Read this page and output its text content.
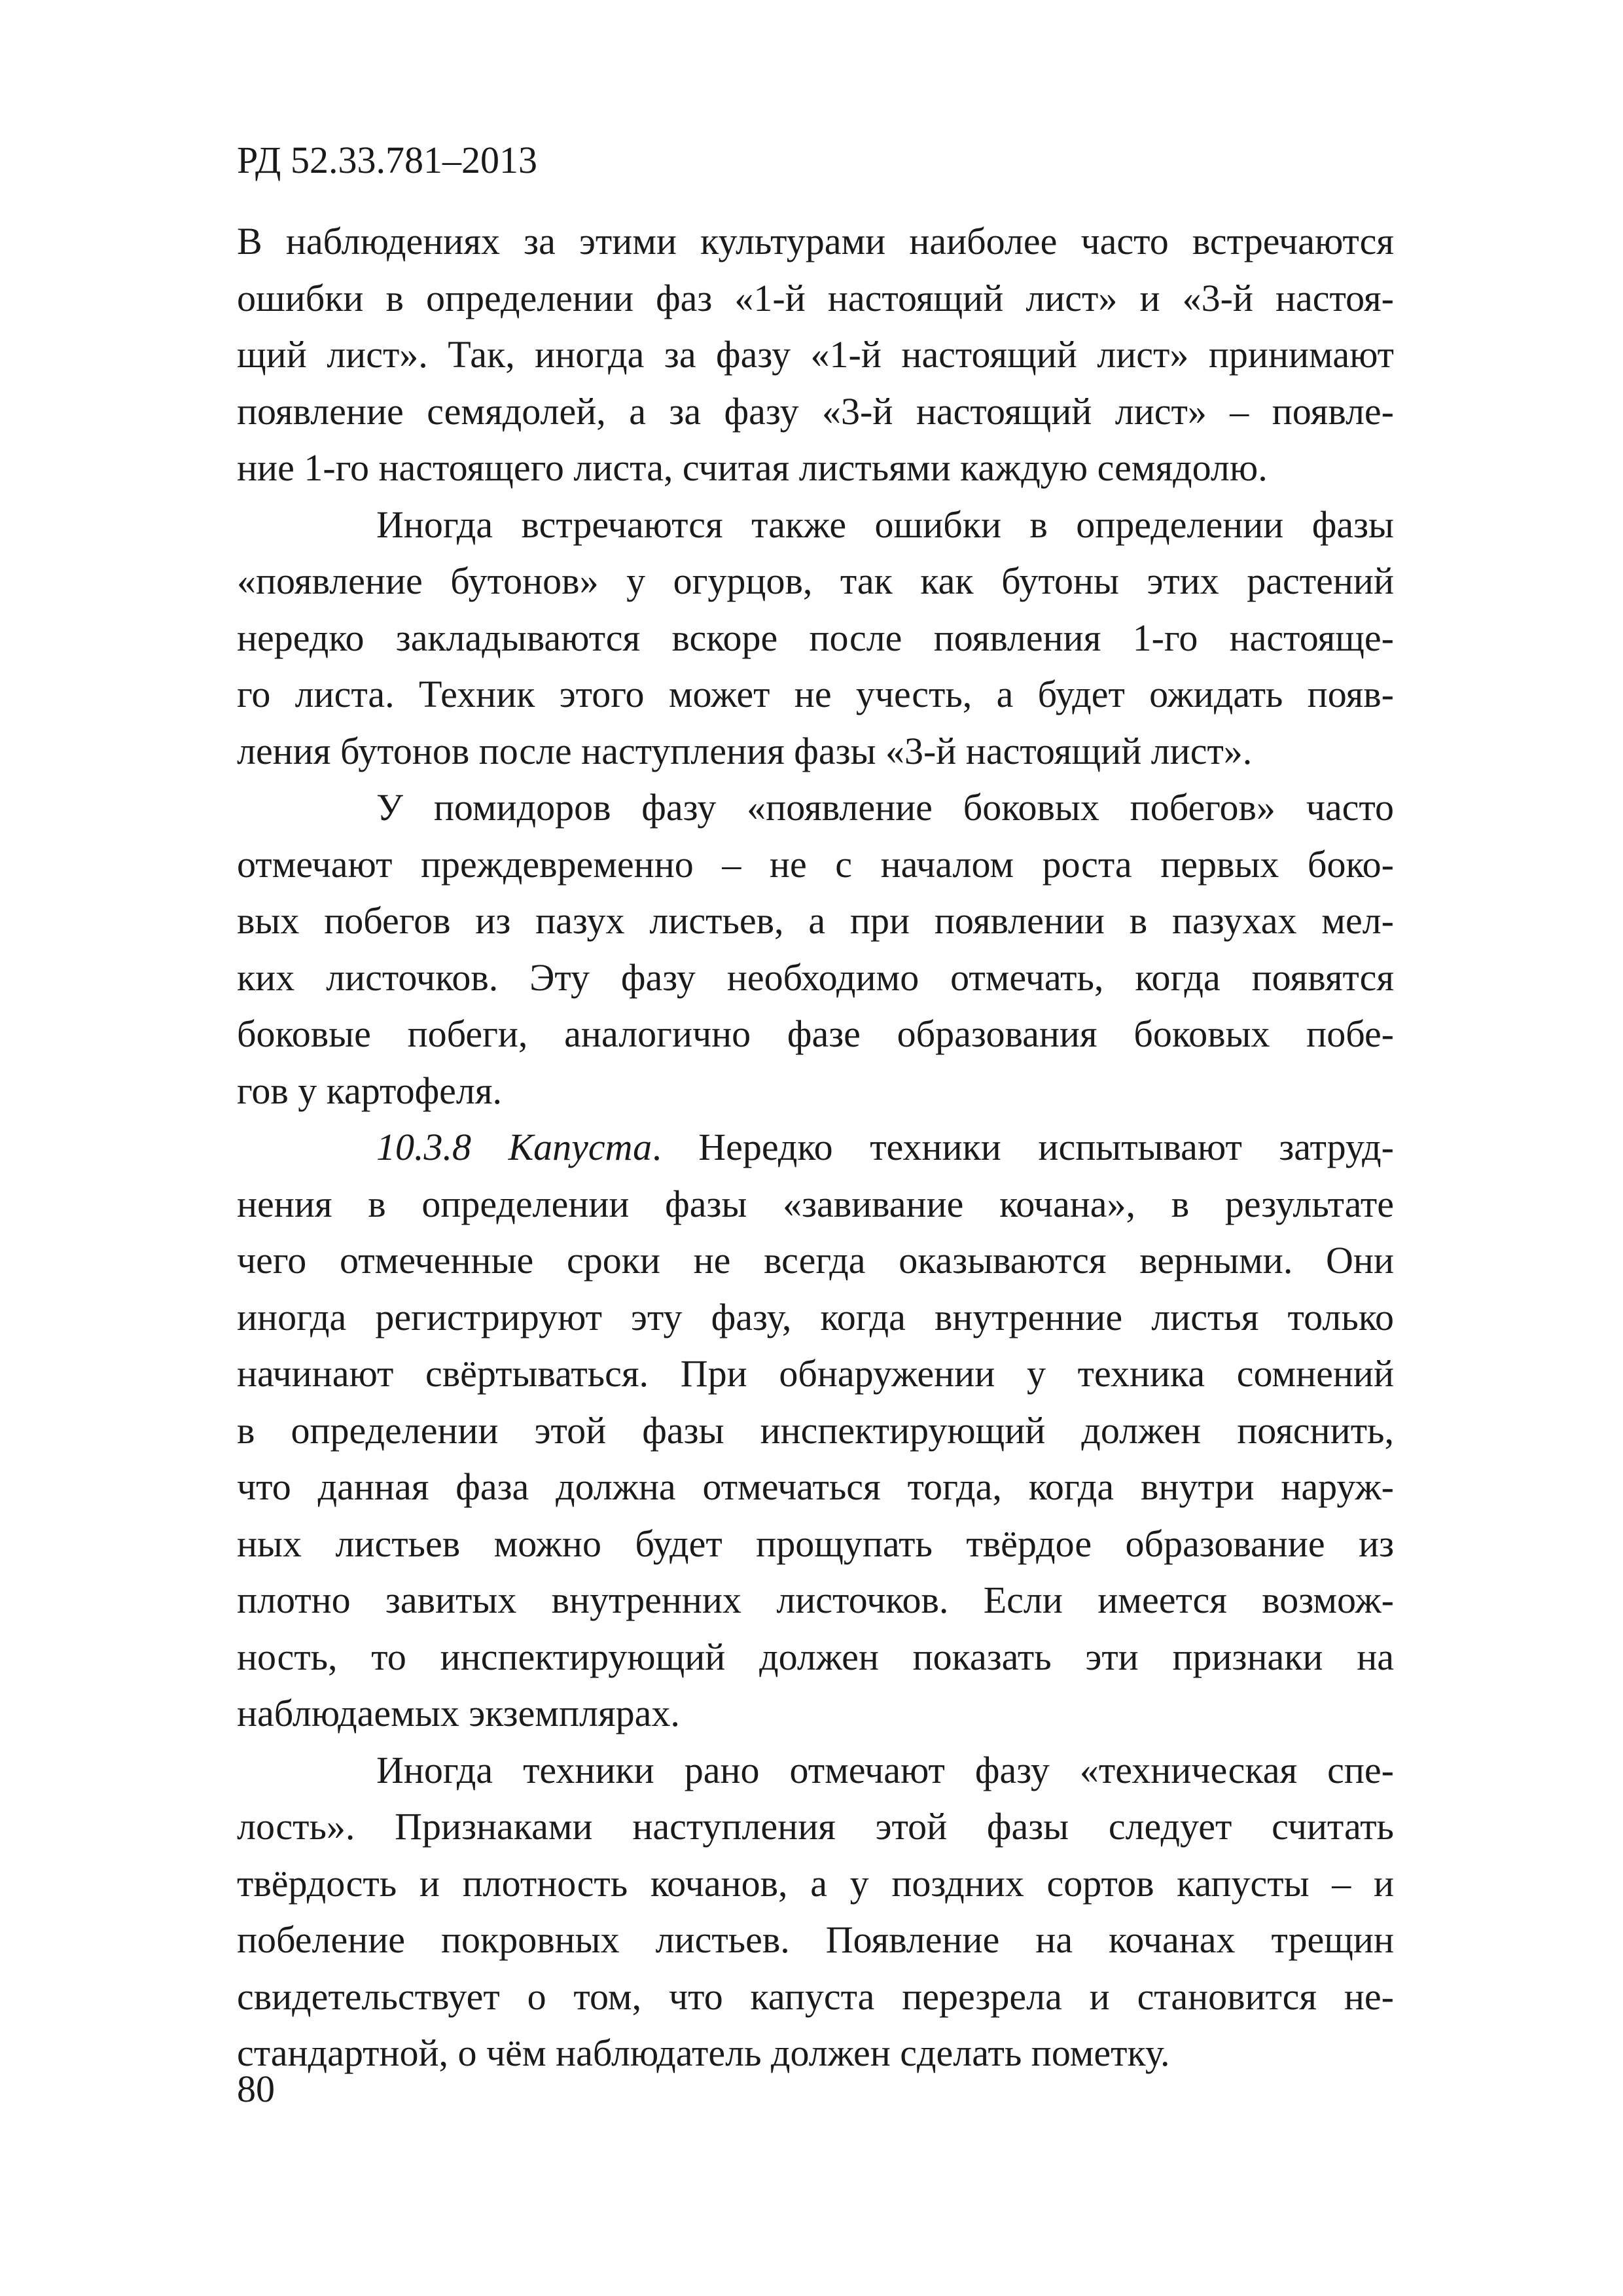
РД 52.33.781–2013
В наблюдениях за этими культурами наиболее часто встречаются
ошибки в определении фаз «1-й настоящий лист» и «3-й настоя-
щий лист». Так, иногда за фазу «1-й настоящий лист» принимают
появление семядолей, а за фазу «3-й настоящий лист» – появле-
ние 1-го настоящего листа, считая листьями каждую семядолю.
Иногда встречаются также ошибки в определении фазы
«появление бутонов» у огурцов, так как бутоны этих растений
нередко закладываются вскоре после появления 1-го настояще-
го листа. Техник этого может не учесть, а будет ожидать появ-
ления бутонов после наступления фазы «3-й настоящий лист».
У помидоров фазу «появление боковых побегов» часто
отмечают преждевременно – не с началом роста первых боко-
вых побегов из пазух листьев, а при появлении в пазухах мел-
ких листочков. Эту фазу необходимо отмечать, когда появятся
боковые побеги, аналогично фазе образования боковых побе-
гов у картофеля.
10.3.8 Капуста. Нередко техники испытывают затруд-
нения в определении фазы «завивание кочана», в результате
чего отмеченные сроки не всегда оказываются верными. Они
иногда регистрируют эту фазу, когда внутренние листья только
начинают свёртываться. При обнаружении у техника сомнений
в определении этой фазы инспектирующий должен пояснить,
что данная фаза должна отмечаться тогда, когда внутри наруж-
ных листьев можно будет прощупать твёрдое образование из
плотно завитых внутренних листочков. Если имеется возмож-
ность, то инспектирующий должен показать эти признаки на
наблюдаемых экземплярах.
Иногда техники рано отмечают фазу «техническая спе-
лость». Признаками наступления этой фазы следует считать
твёрдость и плотность кочанов, а у поздних сортов капусты – и
побеление покровных листьев. Появление на кочанах трещин
свидетельствует о том, что капуста перезрела и становится не-
стандартной, о чём наблюдатель должен сделать пометку.
80
